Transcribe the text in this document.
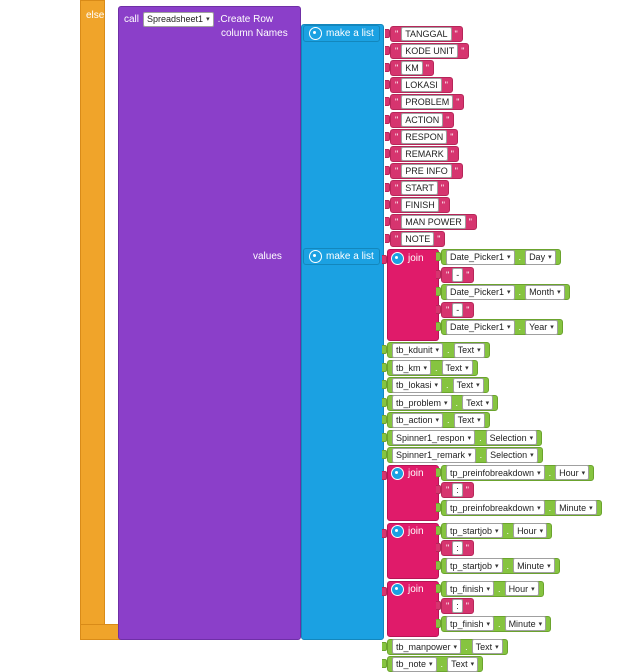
else call Spreadsheet1 ▾ .Create Row
column Names
values
make a list
make a list
" TANGGAL "
" KODE UNIT "
" KM "
" LOKASI "
" PROBLEM "
" ACTION "
" RESPON "
" REMARK "
" PRE INFO "
" START "
" FINISH "
" MAN POWER "
" NOTE "
join	Date_Picker1 ▾ . Day ▾
" - "
Date_Picker1 ▾ . Month ▾
" - "
Date_Picker1 ▾ . Year ▾
tb_kdunit ▾ . Text ▾
tb_km ▾ . Text ▾
tb_lokasi ▾ . Text ▾
tb_problem ▾ . Text ▾
tb_action ▾ . Text ▾
Spinner1_respon ▾ . Selection ▾
Spinner1_remark ▾ . Selection ▾
join	tp_preinfobreakdown ▾ . Hour ▾
" : "
tp_preinfobreakdown ▾ . Minute ▾
join	tp_startjob ▾ . Hour ▾
" : "
tp_startjob ▾ . Minute ▾
join	tp_finish ▾ . Hour ▾
" : "
tp_finish ▾ . Minute ▾
tb_manpower ▾ . Text ▾
tb_note ▾ . Text ▾
